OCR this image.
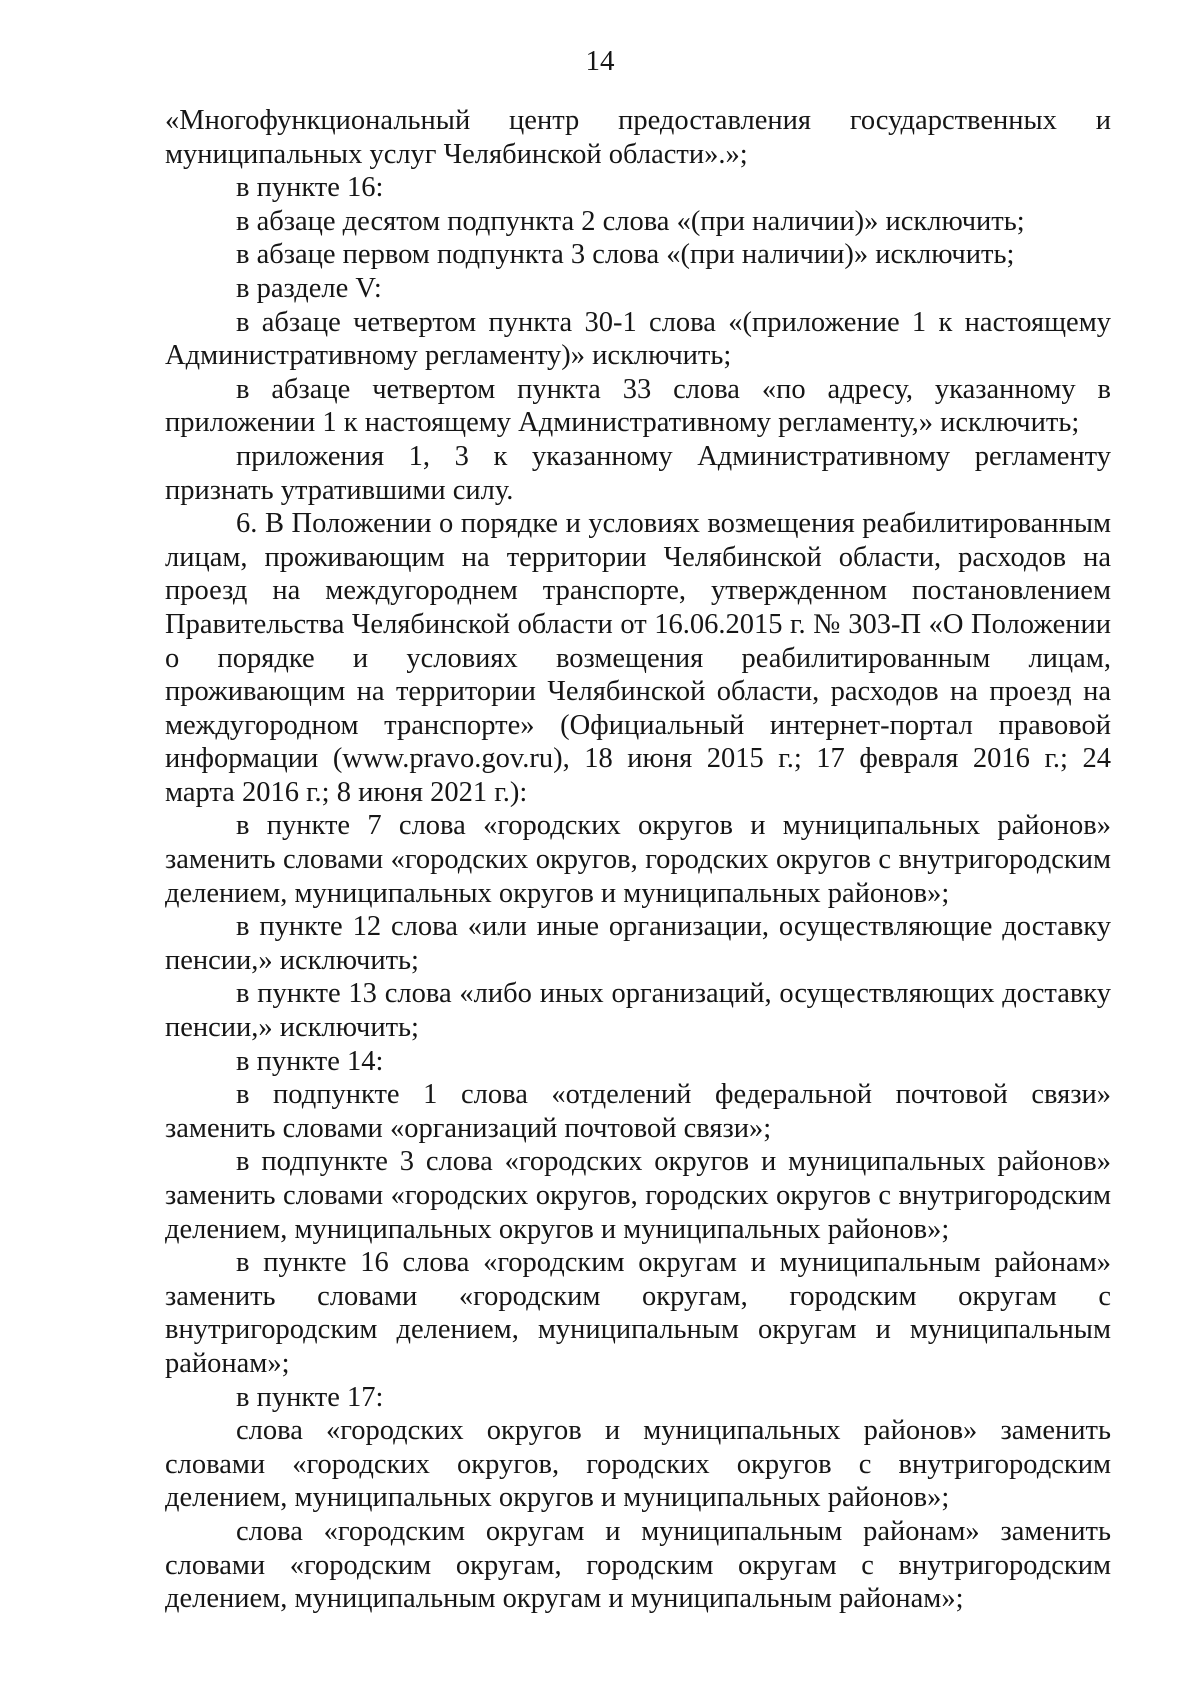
14

«Многофункциональный центр предоставления государственных и муниципальных услуг Челябинской области».»;

в пункте 16:

в абзаце десятом подпункта 2 слова «(при наличии)» исключить;

в абзаце первом подпункта 3 слова «(при наличии)» исключить;

в разделе V:

в абзаце четвертом пункта 30-1 слова «(приложение 1 к настоящему Административному регламенту)» исключить;

в абзаце четвертом пункта 33 слова «по адресу, указанному в приложении 1 к настоящему Административному регламенту,» исключить;

приложения 1, 3 к указанному Административному регламенту признать утратившими силу.

6. В Положении о порядке и условиях возмещения реабилитированным лицам, проживающим на территории Челябинской области, расходов на проезд на междугороднем транспорте, утвержденном постановлением Правительства Челябинской области от 16.06.2015 г. № 303-П «О Положении о порядке и условиях возмещения реабилитированным лицам, проживающим на территории Челябинской области, расходов на проезд на междугородном транспорте» (Официальный интернет-портал правовой информации (www.pravo.gov.ru), 18 июня 2015 г.; 17 февраля 2016 г.; 24 марта 2016 г.; 8 июня 2021 г.):

в пункте 7 слова «городских округов и муниципальных районов» заменить словами «городских округов, городских округов с внутригородским делением, муниципальных округов и муниципальных районов»;

в пункте 12 слова «или иные организации, осуществляющие доставку пенсии,» исключить;

в пункте 13 слова «либо иных организаций, осуществляющих доставку пенсии,» исключить;

в пункте 14:

в подпункте 1 слова «отделений федеральной почтовой связи» заменить словами «организаций почтовой связи»;

в подпункте 3 слова «городских округов и муниципальных районов» заменить словами «городских округов, городских округов с внутригородским делением, муниципальных округов и муниципальных районов»;

в пункте 16 слова «городским округам и муниципальным районам» заменить словами «городским округам, городским округам с внутригородским делением, муниципальным округам и муниципальным районам»;

в пункте 17:

слова «городских округов и муниципальных районов» заменить словами «городских округов, городских округов с внутригородским делением, муниципальных округов и муниципальных районов»;

слова «городским округам и муниципальным районам» заменить словами «городским округам, городским округам с внутригородским делением, муниципальным округам и муниципальным районам»;
